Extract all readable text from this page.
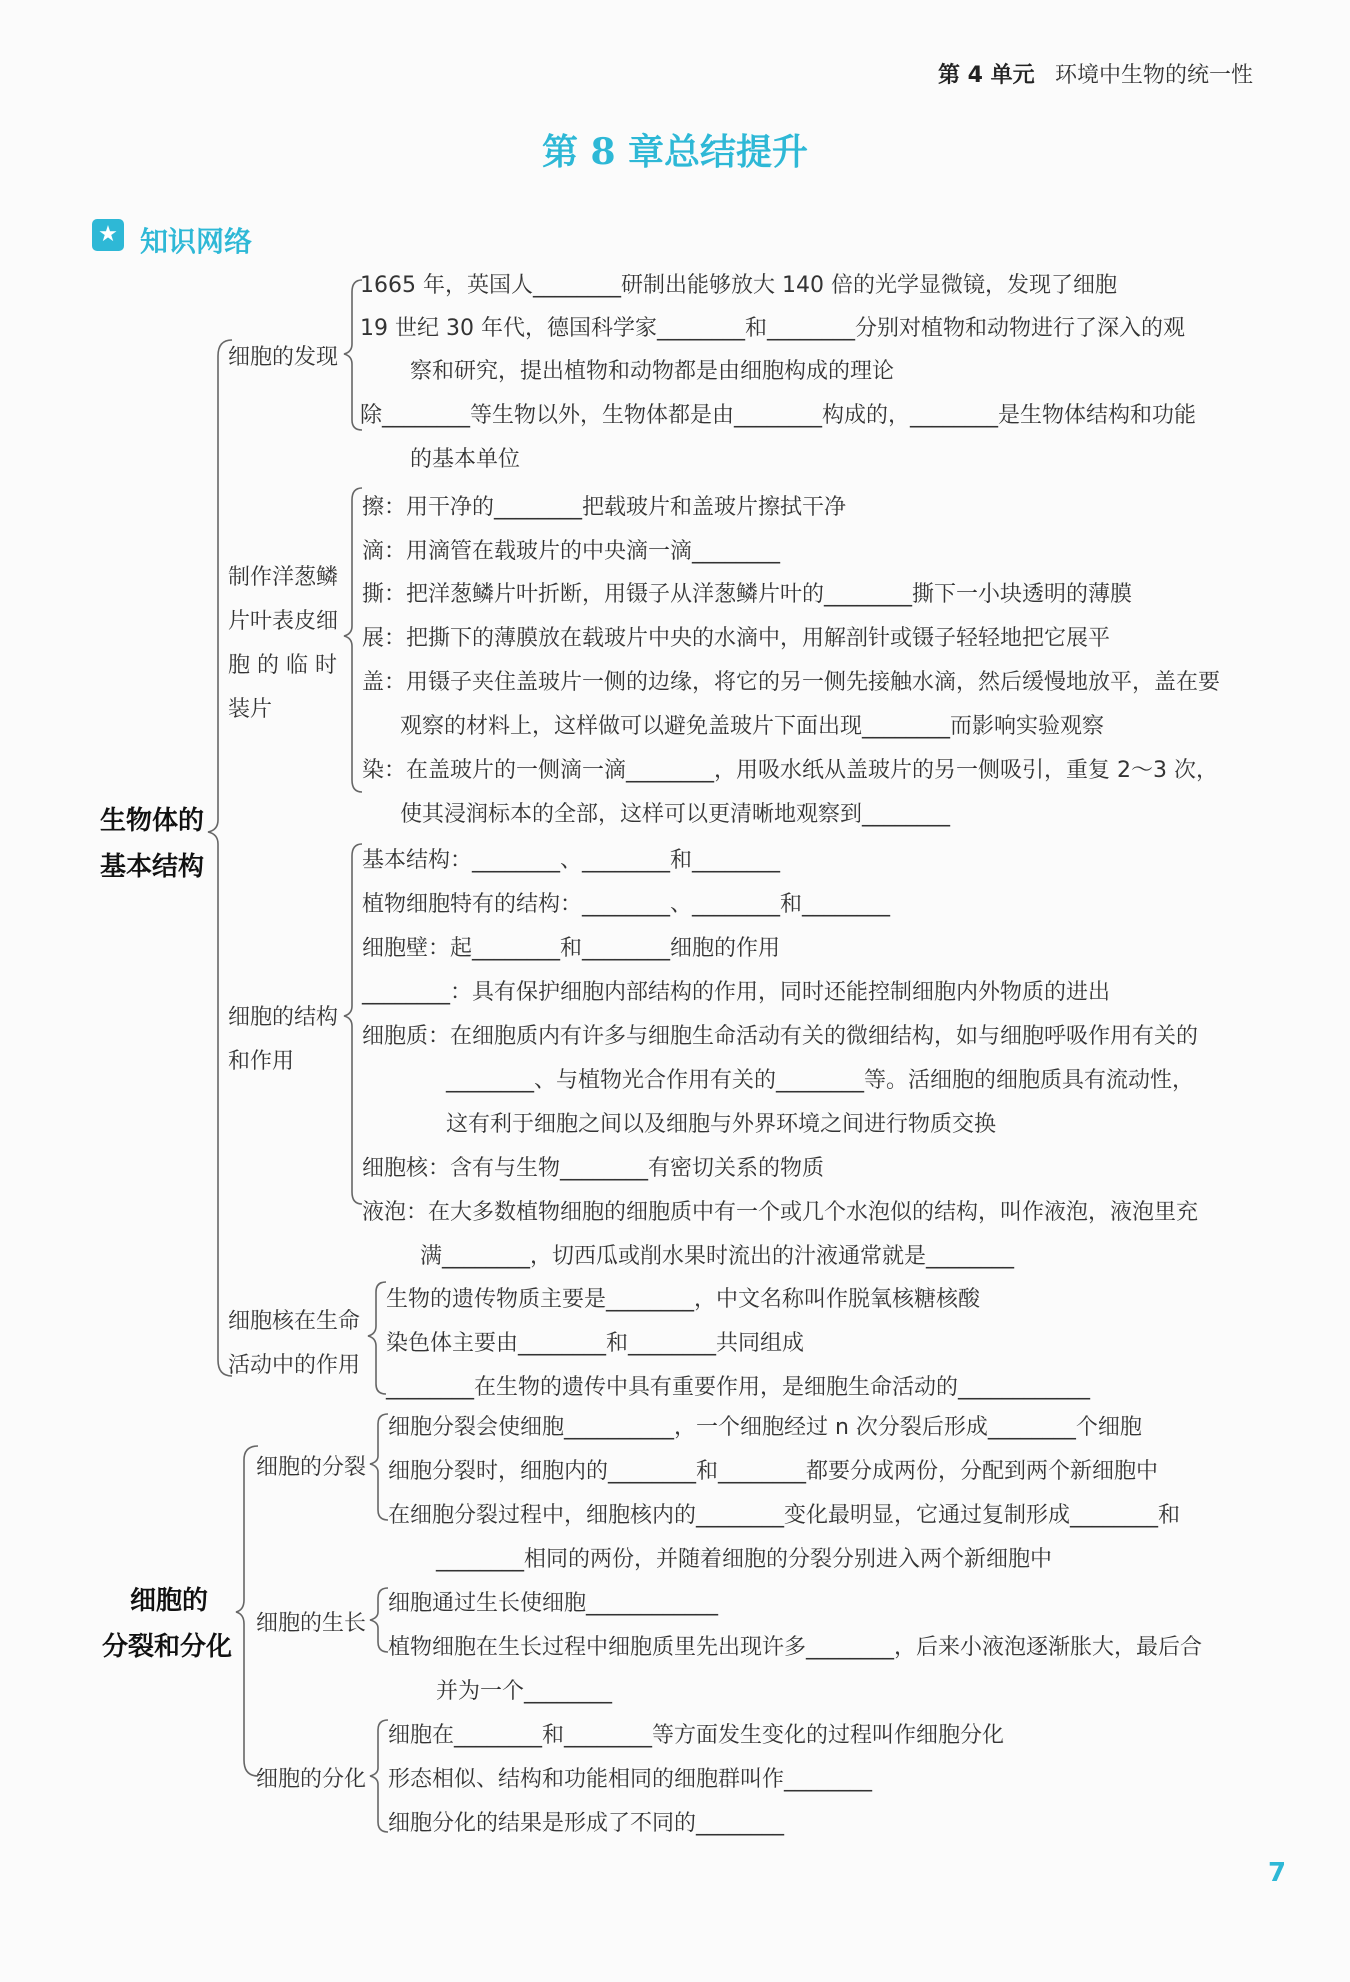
第 4 单元 环境中生物的统一性
第 8 章总结提升
★ 知识网络
生物体的
基本结构
细胞的发现
1665 年，英国人________研制出能够放大 140 倍的光学显微镜，发现了细胞
19 世纪 30 年代，德国科学家________和________分别对植物和动物进行了深入的观
察和研究，提出植物和动物都是由细胞构成的理论
除________等生物以外，生物体都是由________构成的，________是生物体结构和功能
的基本单位
制作洋葱鳞
片叶表皮细
胞 的 临 时
装片
擦：用干净的________把载玻片和盖玻片擦拭干净
滴：用滴管在载玻片的中央滴一滴________
撕：把洋葱鳞片叶折断，用镊子从洋葱鳞片叶的________撕下一小块透明的薄膜
展：把撕下的薄膜放在载玻片中央的水滴中，用解剖针或镊子轻轻地把它展平
盖：用镊子夹住盖玻片一侧的边缘，将它的另一侧先接触水滴，然后缓慢地放平，盖在要
观察的材料上，这样做可以避免盖玻片下面出现________而影响实验观察
染：在盖玻片的一侧滴一滴________，用吸水纸从盖玻片的另一侧吸引，重复 2～3 次，
使其浸润标本的全部，这样可以更清晰地观察到________
细胞的结构
和作用
基本结构：________、________和________
植物细胞特有的结构：________、________和________
细胞壁：起________和________细胞的作用
________：具有保护细胞内部结构的作用，同时还能控制细胞内外物质的进出
细胞质：在细胞质内有许多与细胞生命活动有关的微细结构，如与细胞呼吸作用有关的
________、与植物光合作用有关的________等。活细胞的细胞质具有流动性，
这有利于细胞之间以及细胞与外界环境之间进行物质交换
细胞核：含有与生物________有密切关系的物质
液泡：在大多数植物细胞的细胞质中有一个或几个水泡似的结构，叫作液泡，液泡里充
满________，切西瓜或削水果时流出的汁液通常就是________
细胞核在生命
活动中的作用
生物的遗传物质主要是________，中文名称叫作脱氧核糖核酸
染色体主要由________和________共同组成
________在生物的遗传中具有重要作用，是细胞生命活动的____________
细胞的
分裂和分化
细胞的分裂
细胞分裂会使细胞__________，一个细胞经过 n 次分裂后形成________个细胞
细胞分裂时，细胞内的________和________都要分成两份，分配到两个新细胞中
在细胞分裂过程中，细胞核内的________变化最明显，它通过复制形成________和
________相同的两份，并随着细胞的分裂分别进入两个新细胞中
细胞的生长
细胞通过生长使细胞____________
植物细胞在生长过程中细胞质里先出现许多________，后来小液泡逐渐胀大，最后合
并为一个________
细胞的分化
细胞在________和________等方面发生变化的过程叫作细胞分化
形态相似、结构和功能相同的细胞群叫作________
细胞分化的结果是形成了不同的________
7
